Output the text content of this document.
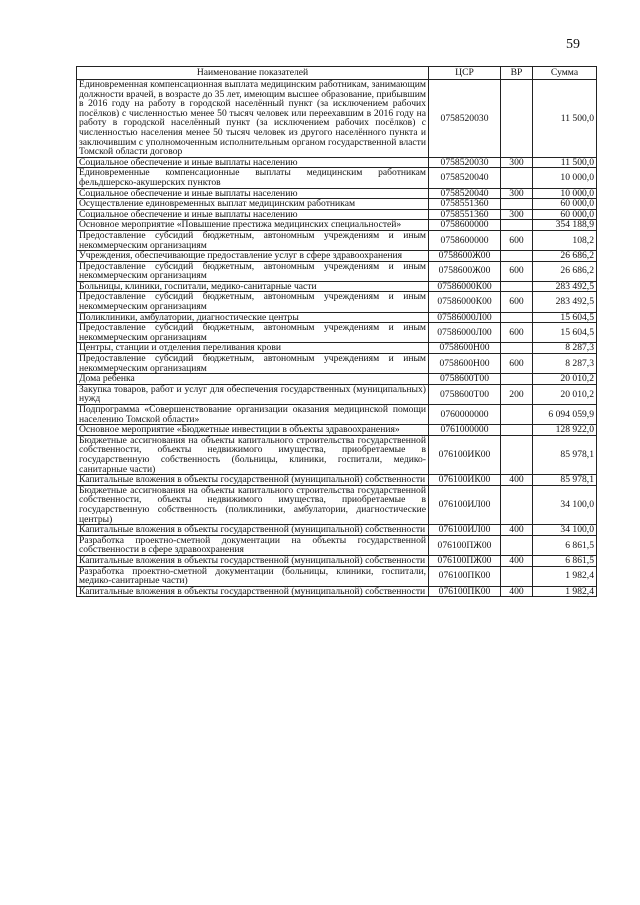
59
Наименование показателей	ЦСР	ВР	Сумма
Единовременная компенсационная выплата медицинским работникам, занимающим должности врачей, в возрасте до 35 лет, имеющим высшее образование, прибывшим в 2016 году на работу в городской населённый пункт (за исключением рабочих посёлков) с численностью менее 50 тысяч человек или переехавшим в 2016 году на работу в городской населённый пункт (за исключением рабочих посёлков) с численностью населения менее 50 тысяч человек из другого населённого пункта и заключившим с уполномоченным исполнительным органом государственной власти Томской области договор	0758520030		11 500,0
Социальное обеспечение и иные выплаты населению	0758520030	300	11 500,0
Единовременные компенсационные выплаты медицинским работникам фельдшерско-акушерских пунктов	0758520040		10 000,0
Социальное обеспечение и иные выплаты населению	0758520040	300	10 000,0
Осуществление единовременных выплат медицинским работникам	0758551360		60 000,0
Социальное обеспечение и иные выплаты населению	0758551360	300	60 000,0
Основное мероприятие «Повышение престижа медицинских специальностей»	0758600000		354 188,9
Предоставление субсидий бюджетным, автономным учреждениям и иным некоммерческим организациям	0758600000	600	108,2
Учреждения, обеспечивающие предоставление услуг в сфере здравоохранения	0758600Ж00		26 686,2
Предоставление субсидий бюджетным, автономным учреждениям и иным некоммерческим организациям	0758600Ж00	600	26 686,2
Больницы, клиники, госпитали, медико-санитарные части	07586000К00		283 492,5
Предоставление субсидий бюджетным, автономным учреждениям и иным некоммерческим организациям	07586000К00	600	283 492,5
Поликлиники, амбулатории, диагностические центры	07586000Л00		15 604,5
Предоставление субсидий бюджетным, автономным учреждениям и иным некоммерческим организациям	07586000Л00	600	15 604,5
Центры, станции и отделения переливания крови	0758600Н00		8 287,3
Предоставление субсидий бюджетным, автономным учреждениям и иным некоммерческим организациям	0758600Н00	600	8 287,3
Дома ребенка	0758600Т00		20 010,2
Закупка товаров, работ и услуг для обеспечения государственных (муниципальных) нужд	0758600Т00	200	20 010,2
Подпрограмма «Совершенствование организации оказания медицинской помощи населению Томской области»	0760000000		6 094 059,9
Основное мероприятие «Бюджетные инвестиции в объекты здравоохранения»	0761000000		128 922,0
Бюджетные ассигнования на объекты капитального строительства государственной собственности, объекты недвижимого имущества, приобретаемые в государственную собственность (больницы, клиники, госпитали, медико-санитарные части)	076100ИК00		85 978,1
Капитальные вложения в объекты государственной (муниципальной) собственности	076100ИК00	400	85 978,1
Бюджетные ассигнования на объекты капитального строительства государственной собственности, объекты недвижимого имущества, приобретаемые в государственную собственность (поликлиники, амбулатории, диагностические центры)	076100ИЛ00		34 100,0
Капитальные вложения в объекты государственной (муниципальной) собственности	076100ИЛ00	400	34 100,0
Разработка проектно-сметной документации на объекты государственной собственности в сфере здравоохранения	076100ПЖ00		6 861,5
Капитальные вложения в объекты государственной (муниципальной) собственности	076100ПЖ00	400	6 861,5
Разработка проектно-сметной документации (больницы, клиники, госпитали, медико-санитарные части)	076100ПК00		1 982,4
Капитальные вложения в объекты государственной (муниципальной) собственности	076100ПК00	400	1 982,4
